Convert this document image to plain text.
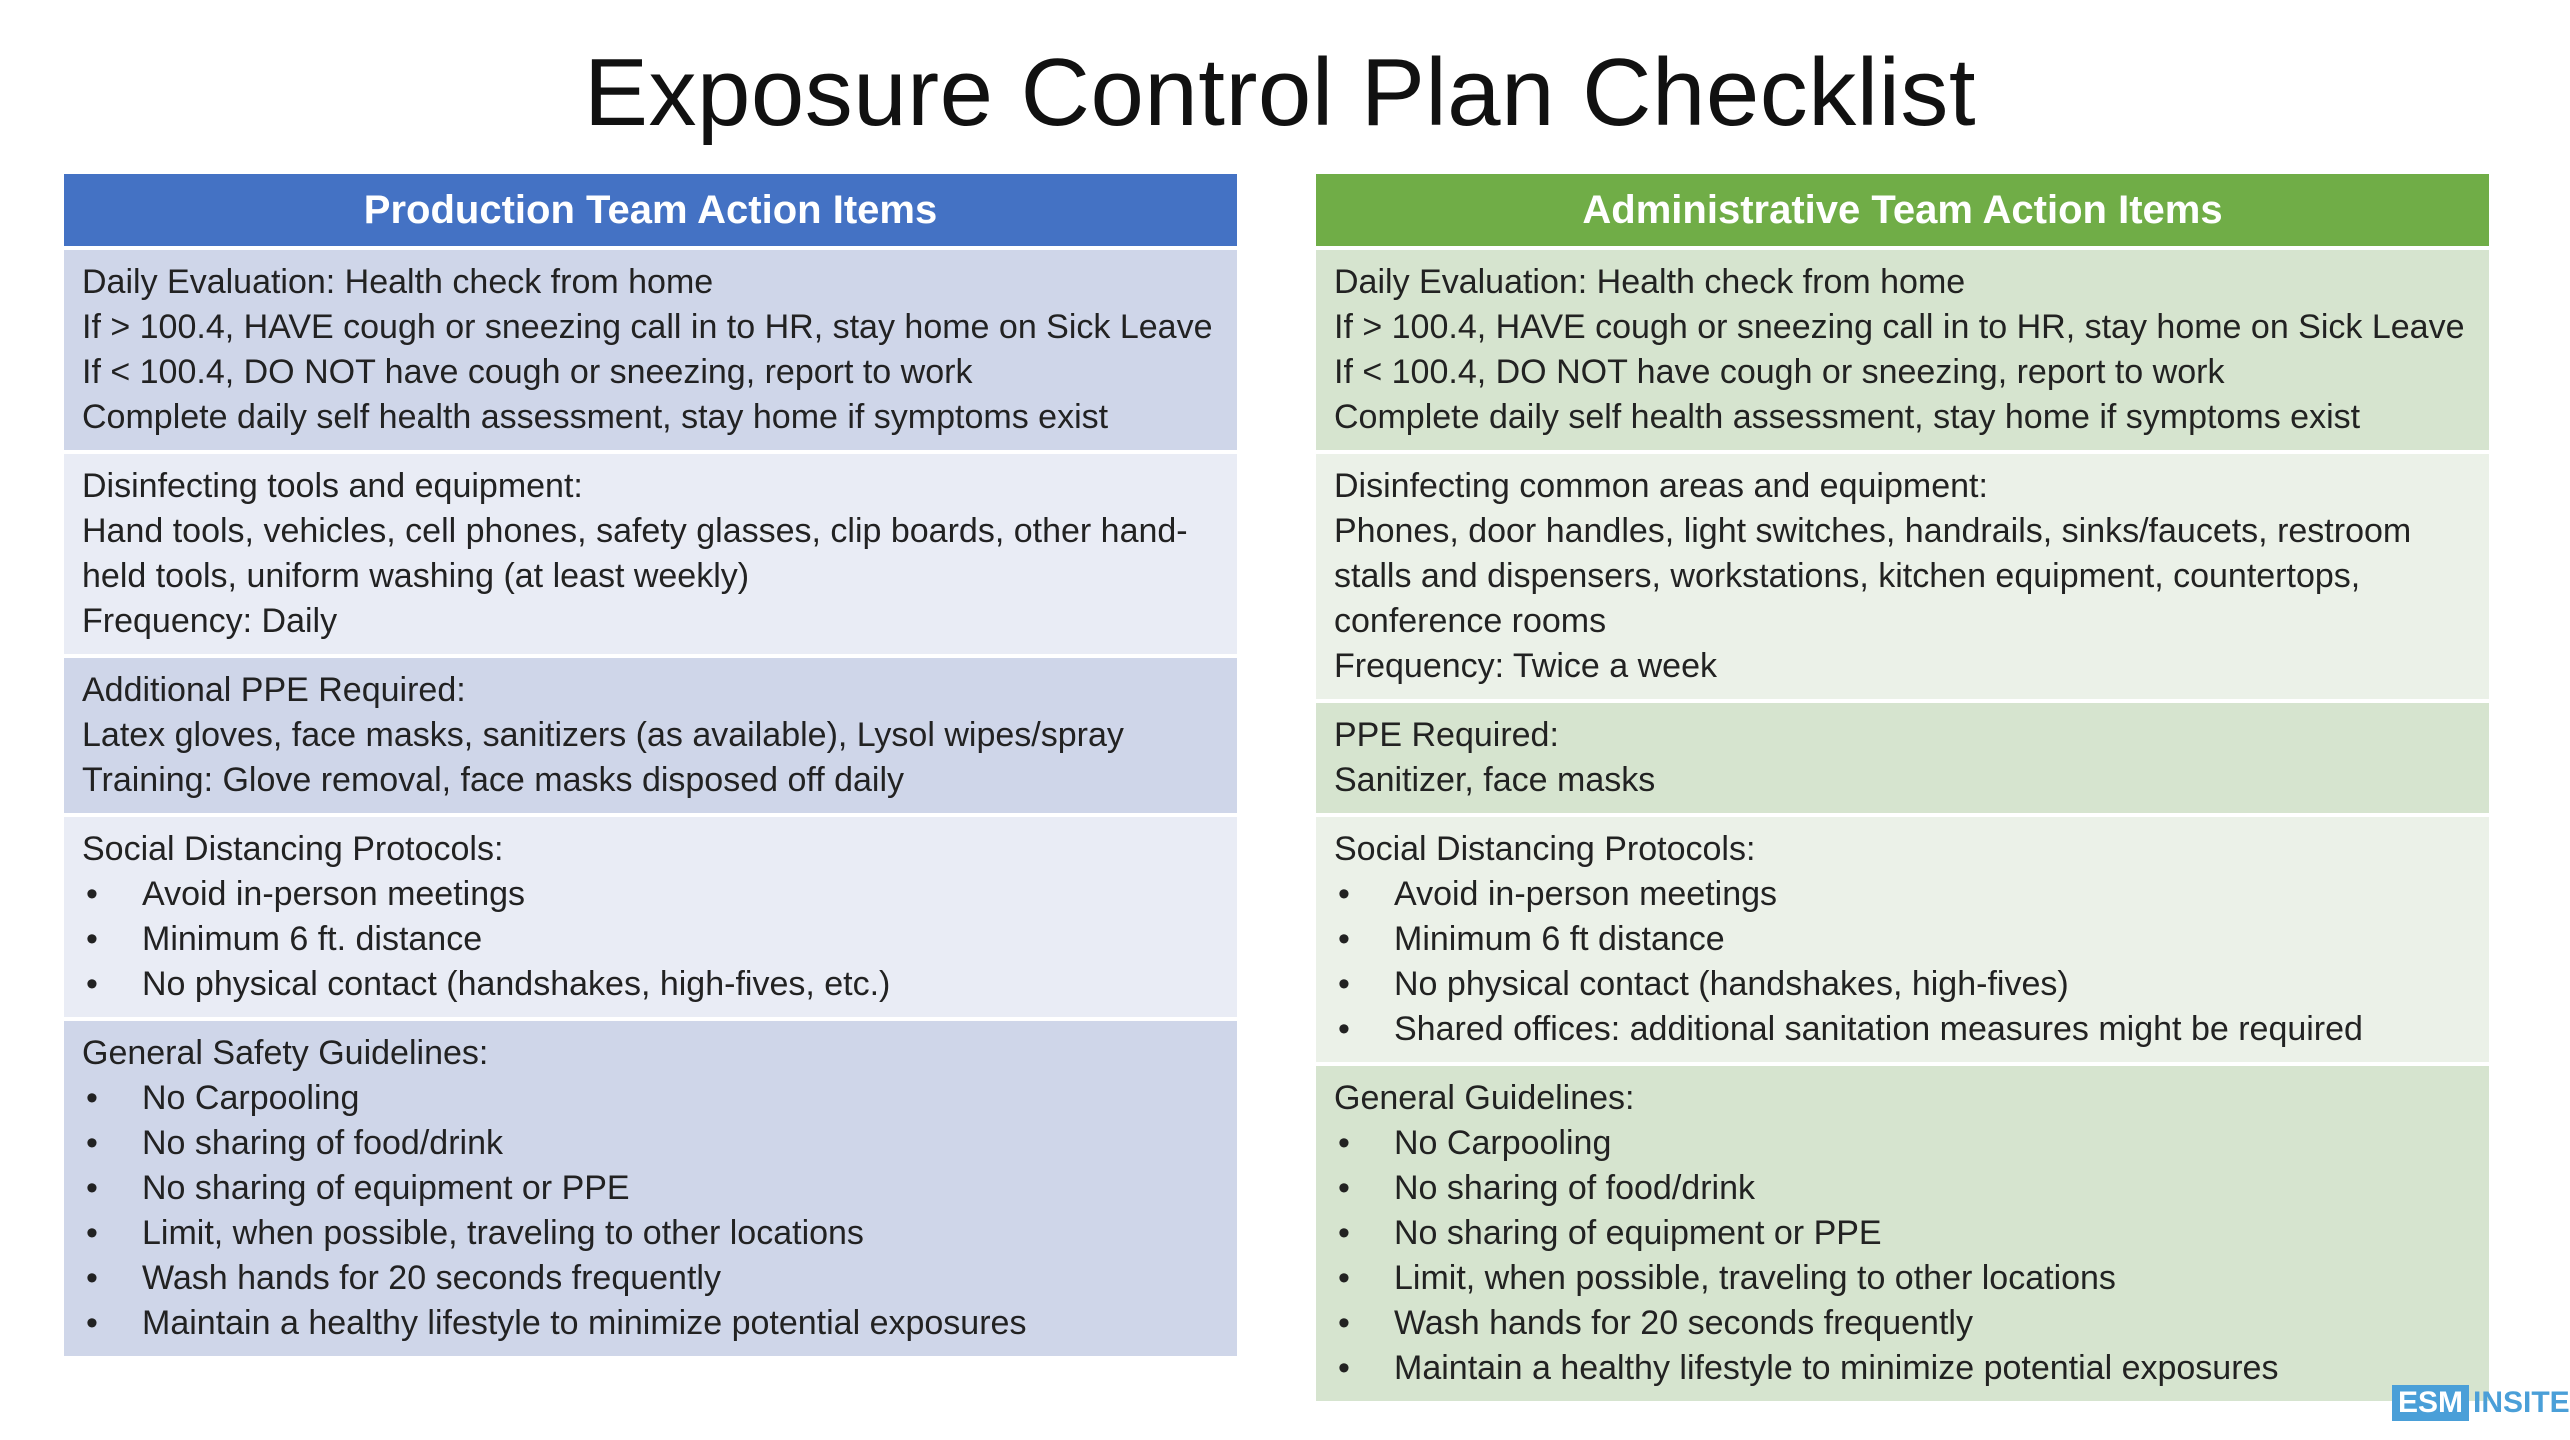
Exposure Control Plan Checklist
Production Team Action Items
Daily Evaluation: Health check from home
If > 100.4, HAVE cough or sneezing call in to HR, stay home on Sick Leave
If < 100.4, DO NOT have cough or sneezing, report to work
Complete daily self health assessment, stay home if symptoms exist
Disinfecting tools and equipment:
Hand tools, vehicles, cell phones, safety glasses, clip boards, other hand-held tools, uniform washing (at least weekly)
Frequency: Daily
Additional PPE Required:
Latex gloves, face masks, sanitizers (as available), Lysol wipes/spray
Training: Glove removal, face masks disposed off daily
Social Distancing Protocols:
• Avoid in-person meetings
• Minimum 6 ft. distance
• No physical contact (handshakes, high-fives, etc.)
General Safety Guidelines:
• No Carpooling
• No sharing of food/drink
• No sharing of equipment or PPE
• Limit, when possible, traveling to other locations
• Wash hands for 20 seconds frequently
• Maintain a healthy lifestyle to minimize potential exposures
Administrative Team Action Items
Daily Evaluation: Health check from home
If > 100.4, HAVE cough or sneezing call in to HR, stay home on Sick Leave
If < 100.4, DO NOT have cough or sneezing, report to work
Complete daily self health assessment, stay home if symptoms exist
Disinfecting common areas and equipment:
Phones, door handles, light switches, handrails, sinks/faucets, restroom stalls and dispensers, workstations, kitchen equipment, countertops, conference rooms
Frequency: Twice a week
PPE Required:
Sanitizer, face masks
Social Distancing Protocols:
• Avoid in-person meetings
• Minimum 6 ft distance
• No physical contact (handshakes, high-fives)
• Shared offices: additional sanitation measures might be required
General Guidelines:
• No Carpooling
• No sharing of food/drink
• No sharing of equipment or PPE
• Limit, when possible, traveling to other locations
• Wash hands for 20 seconds frequently
• Maintain a healthy lifestyle to minimize potential exposures
ESM INSITE
